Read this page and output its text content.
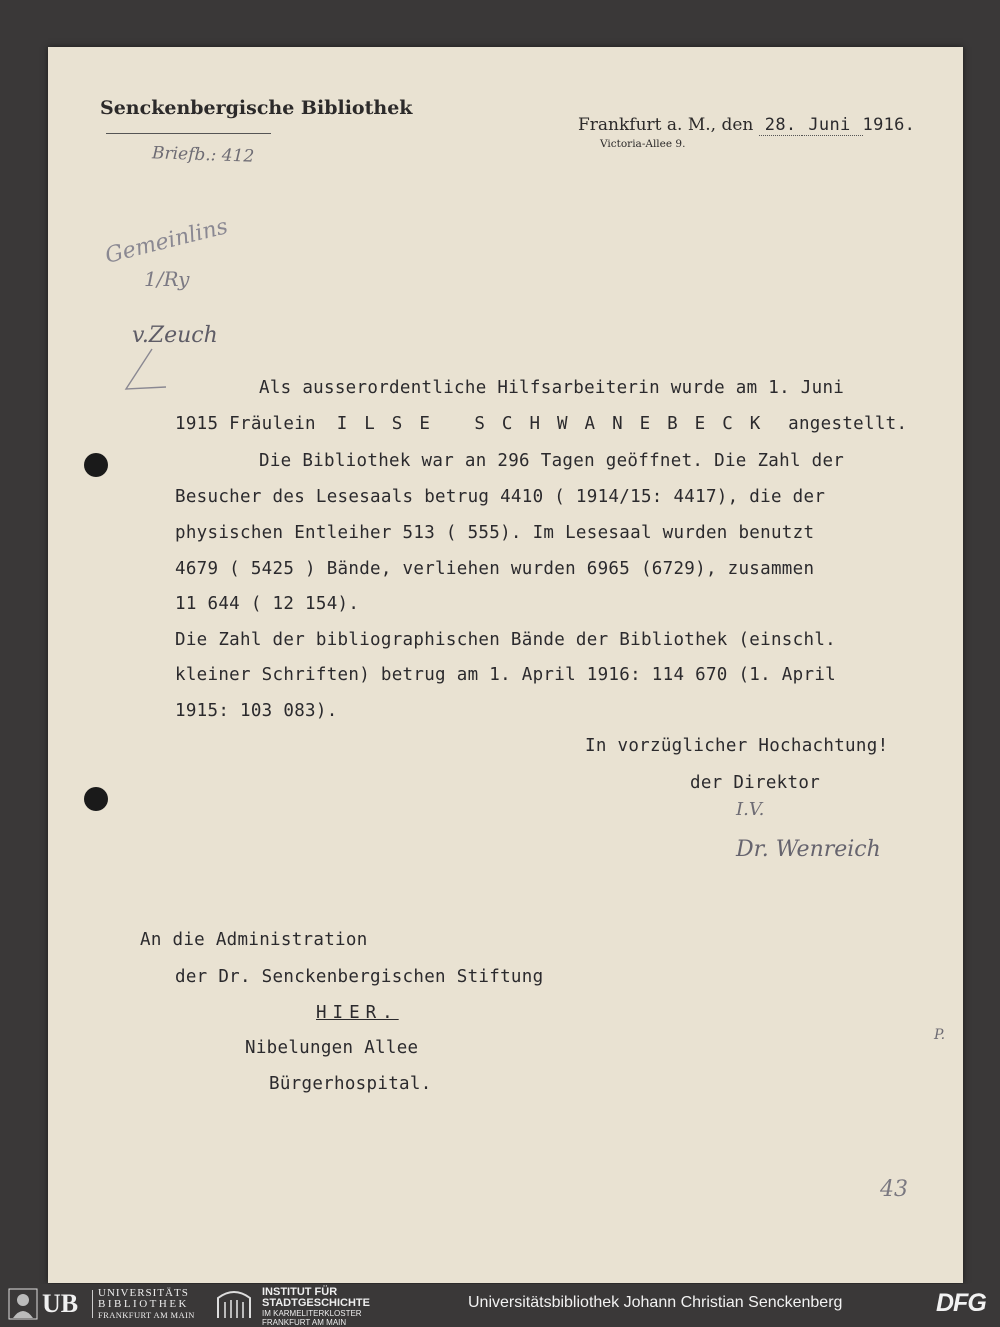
Senckenbergische Bibliothek
Briefb.: 412
Frankfurt a. M., den 28. Juni 1916.
Victoria-Allee 9.
Gemeinlins
1/Ry
v.Zeuch
Als ausserordentliche Hilfsarbeiterin wurde am 1. Juni
1915 Fräulein ILSE SCHWANEBECK angestellt.
Die Bibliothek war an 296 Tagen geöffnet. Die Zahl der
Besucher des Lesesaals betrug 4410 ( 1914/15: 4417), die der
physischen Entleiher 513 ( 555). Im Lesesaal wurden benutzt
4679 ( 5425 ) Bände, verliehen wurden 6965 (6729), zusammen
11 644 ( 12 154).
Die Zahl der bibliographischen Bände der Bibliothek (einschl.
kleiner Schriften) betrug am 1. April 1916: 114 670 (1. April
1915: 103 083).
In vorzüglicher Hochachtung!
der Direktor
I.V.
Dr. Wenreich
An die Administration
der Dr. Senckenbergischen Stiftung
HIER.
Nibelungen Allee
Bürgerhospital.
P.
43
UB UNIVERSITÄTS
BIBLIOTHEK
FRANKFURT AM MAIN
INSTITUT FÜR
STADTGESCHICHTE
IM KARMELITERKLOSTER
FRANKFURT AM MAIN
Universitätsbibliothek Johann Christian Senckenberg	DFG
